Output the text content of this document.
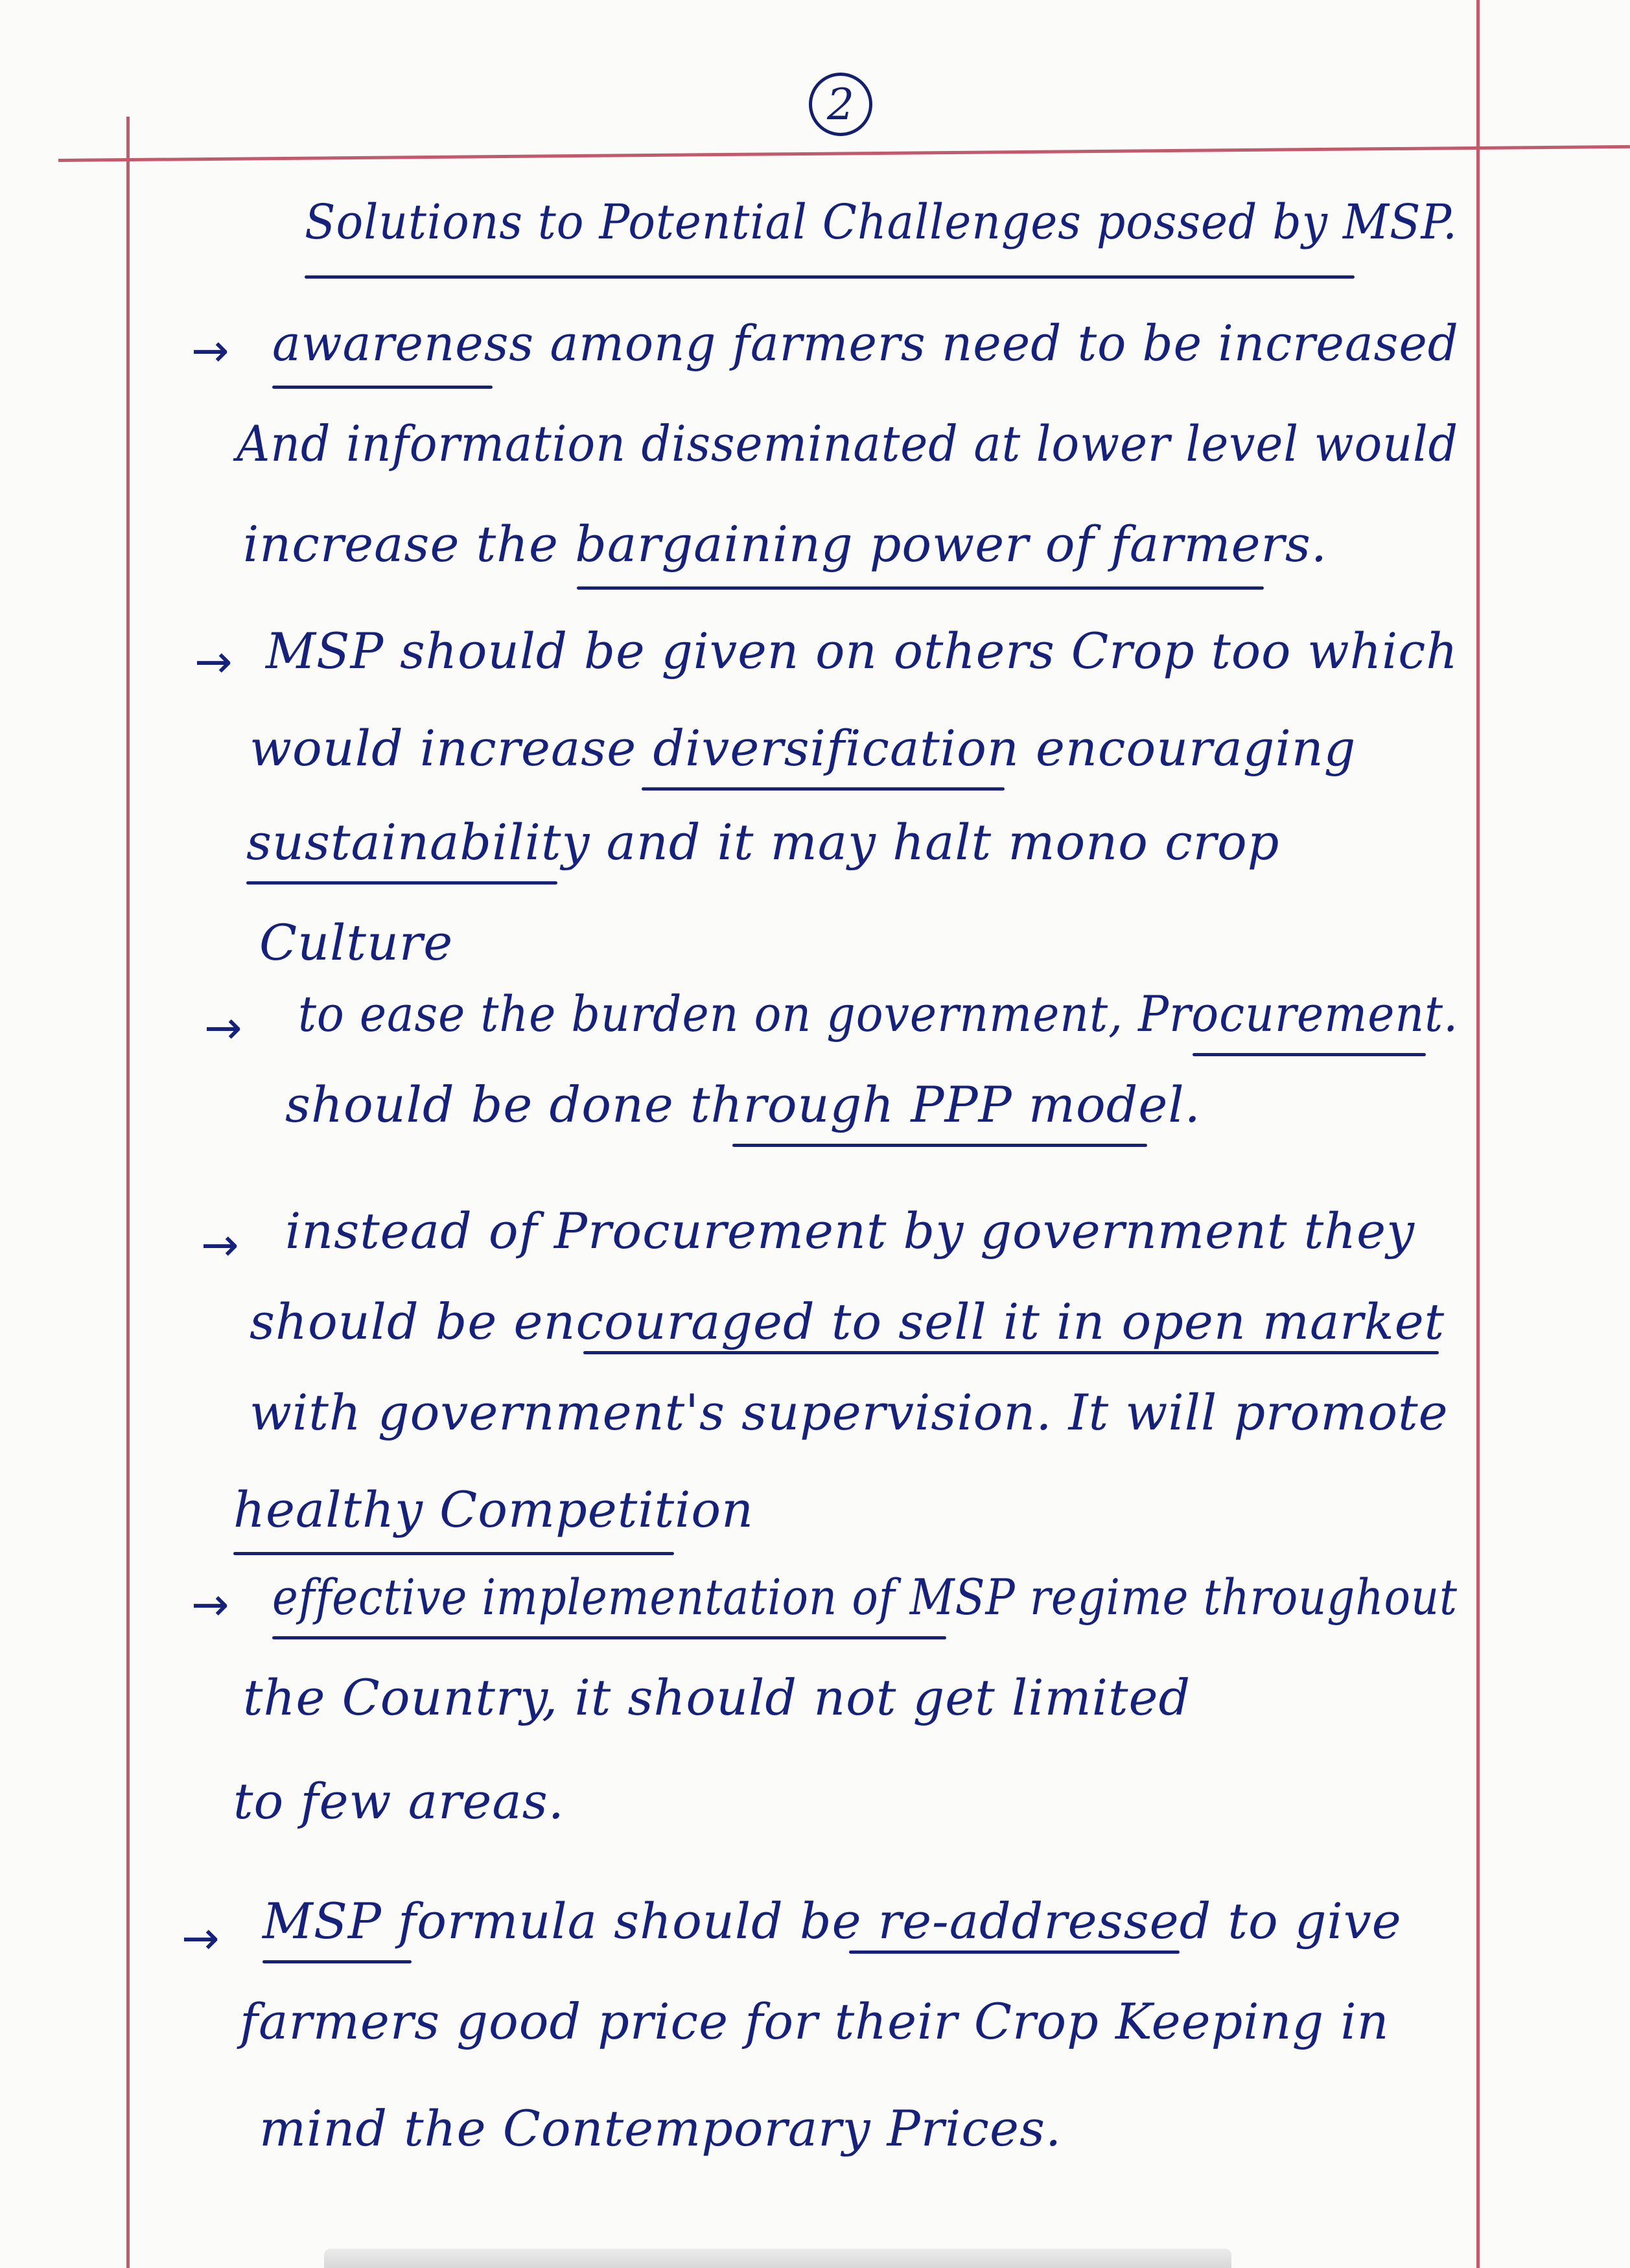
2
Solutions to Potential Challenges possed by MSP.
→ awareness among farmers need to be increased
And information disseminated at lower level would
increase the bargaining power of farmers.
→ MSP should be given on others Crop too which
would increase diversification encouraging
sustainability and it may halt mono crop
Culture
→ to ease the burden on government, Procurement.
should be done through PPP model.
→ instead of Procurement by government they
should be encouraged to sell it in open market
with government's supervision. It will promote
healthy Competition
→ effective implementation of MSP regime throughout
the Country, it should not get limited
to few areas.
→ MSP formula should be re-addressed to give
farmers good price for their Crop Keeping in
mind the Contemporary Prices.
